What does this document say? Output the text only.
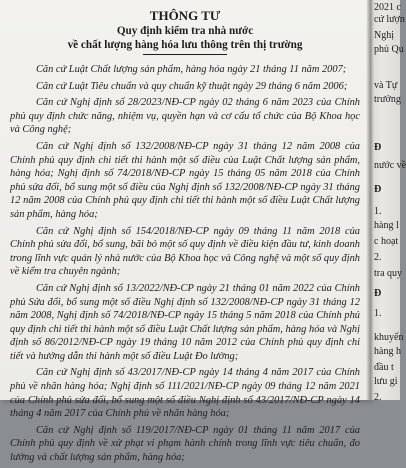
THÔNG TƯ

Quy định kiểm tra nhà nước

về chất lượng hàng hóa lưu thông trên thị trường

Căn cứ Luật Chất lượng sản phẩm, hàng hóa ngày 21 tháng 11 năm 2007;

Căn cứ Luật Tiêu chuẩn và quy chuẩn kỹ thuật ngày 29 tháng 6 năm 2006;

Căn cứ Nghị định số 28/2023/NĐ-CP ngày 02 tháng 6 năm 2023 của Chính phủ quy định chức năng, nhiệm vụ, quyền hạn và cơ cấu tổ chức của Bộ Khoa học và Công nghệ;

Căn cứ Nghị định số 132/2008/NĐ-CP ngày 31 tháng 12 năm 2008 của Chính phủ quy định chi tiết thi hành một số điều của Luật Chất lượng sản phẩm, hàng hóa; Nghị định số 74/2018/NĐ-CP ngày 15 tháng 05 năm 2018 của Chính phủ sửa đổi, bổ sung một số điều của Nghị định số 132/2008/NĐ-CP ngày 31 tháng 12 năm 2008 của Chính phủ quy định chi tiết thi hành một số điều Luật Chất lượng sản phẩm, hàng hóa;

Căn cứ Nghị định số 154/2018/NĐ-CP ngày 09 tháng 11 năm 2018 của Chính phủ sửa đổi, bổ sung, bãi bỏ một số quy định về điều kiện đầu tư, kinh doanh trong lĩnh vực quản lý nhà nước của Bộ Khoa học và Công nghệ và một số quy định về kiểm tra chuyên ngành;

Căn cứ Nghị định số 13/2022/NĐ-CP ngày 21 tháng 01 năm 2022 của Chính phủ Sửa đổi, bổ sung một số điều Nghị định số 132/2008/NĐ-CP ngày 31 tháng 12 năm 2008, Nghị định số 74/2018/NĐ-CP ngày 15 tháng 5 năm 2018 của Chính phủ quy định chi tiết thi hành một số điều Luật Chất lượng sản phẩm, hàng hóa và Nghị định số 86/2012/NĐ-CP ngày 19 tháng 10 năm 2012 của Chính phủ quy định chi tiết và hướng dẫn thi hành một số điều Luật Đo lường;

Căn cứ Nghị định số 43/2017/NĐ-CP ngày 14 tháng 4 năm 2017 của Chính phủ về nhãn hàng hóa; Nghị định số 111/2021/NĐ-CP ngày 09 tháng 12 năm 2021 của Chính phủ sửa đổi, bổ sung một số điều Nghị định số 43/2017/NĐ-CP ngày 14 tháng 4 năm 2017 của Chính phủ về nhãn hàng hóa;

Căn cứ Nghị định số 119/2017/NĐ-CP ngày 01 tháng 11 năm 2017 của Chính phủ quy định về xử phạt vi phạm hành chính trong lĩnh vực tiêu chuẩn, đo lường và chất lượng sản phẩm, hàng hóa;

2021 c
cứ lượn
Nghị
phủ Qu
và Tự
trưởng
Đ
nước về
Đ
1.
hàng l
c hoạt
2.
tra quy
Đ
1.
khuyến
hàng h
đầu t
lưu gi
2.
